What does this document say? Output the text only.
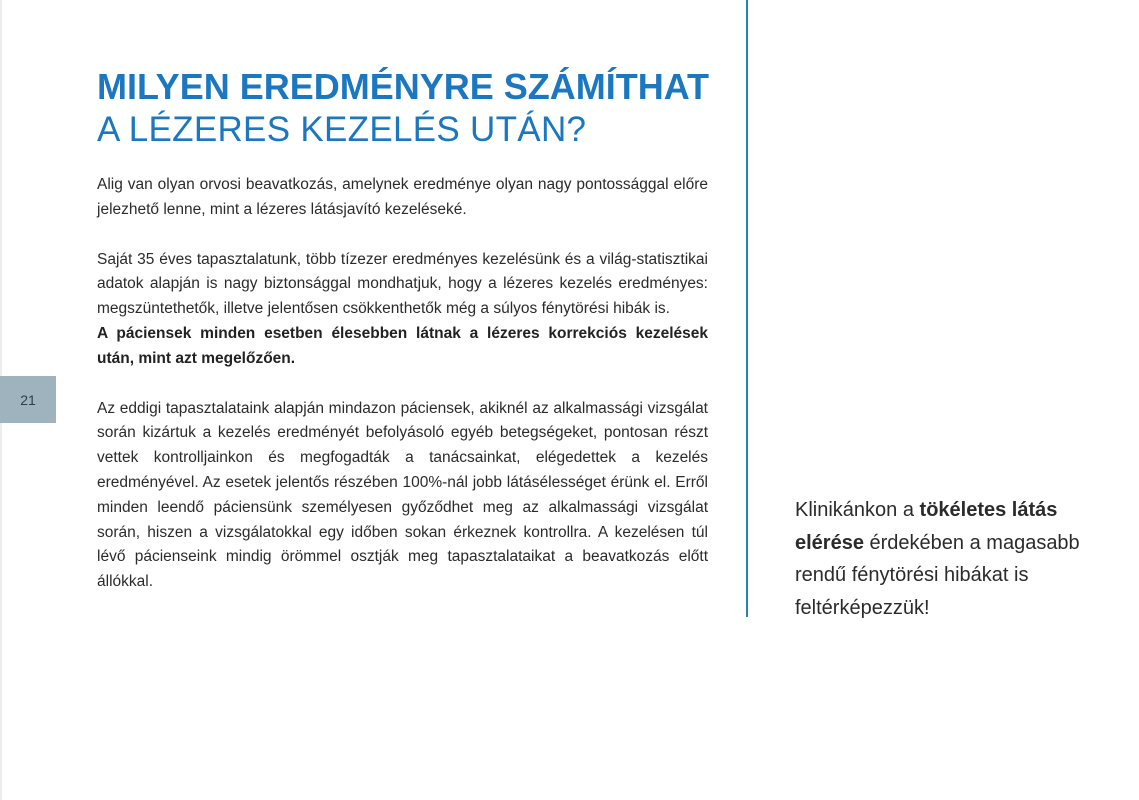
21
MILYEN EREDMÉNYRE SZÁMÍTHAT
A LÉZERES KEZELÉS UTÁN?

Alig van olyan orvosi beavatkozás, amelynek eredménye olyan nagy pontossággal előre jelezhető lenne, mint a lézeres látásjavító kezeléseké.

Saját 35 éves tapasztalatunk, több tízezer eredményes kezelésünk és a világ-statisztikai adatok alapján is nagy biztonsággal mondhatjuk, hogy a lézeres kezelés eredményes: megszüntethetők, illetve jelentősen csökkenthetők még a súlyos fénytörési hibák is.

A páciensek minden esetben élesebben látnak a lézeres korrekciós kezelések után, mint azt megelőzően.

Az eddigi tapasztalataink alapján mindazon páciensek, akiknél az alkalmassági vizsgálat során kizártuk a kezelés eredményét befolyásoló egyéb betegségeket, pontosan részt vettek kontrolljainkon és megfogadták a tanácsainkat, elégedettek a kezelés eredményével. Az esetek jelentős részében 100%-nál jobb látásélességet érünk el. Erről minden leendő páciensünk személyesen győződhet meg az alkalmassági vizsgálat során, hiszen a vizsgálatokkal egy időben sokan érkeznek kontrollra. A kezelésen túl lévő pácienseink mindig örömmel osztják meg tapasztalataikat a beavatkozás előtt állókkal.

Klinikánkon a tökéletes látás elérése érdekében a magasabb rendű fénytörési hibákat is feltérképezzük!
